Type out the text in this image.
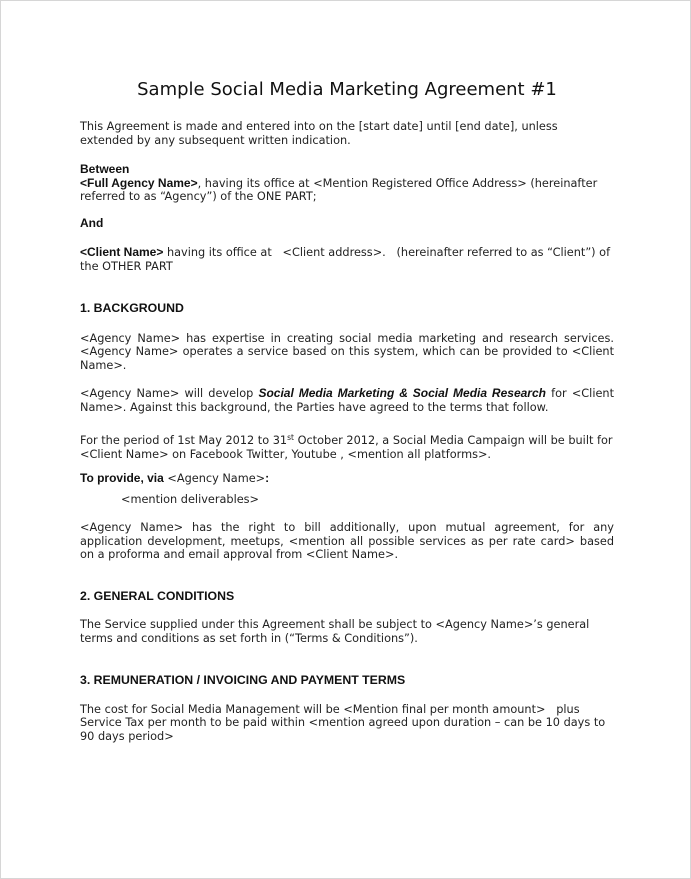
Sample Social Media Marketing Agreement #1

This Agreement is made and entered into on the [start date] until [end date], unless extended by any subsequent written indication.

Between

<Full Agency Name>, having its office at <Mention Registered Office Address> (hereinafter referred to as “Agency”) of the ONE PART;

And

<Client Name> having its office at   <Client address>.   (hereinafter referred to as “Client”) of the OTHER PART

1. BACKGROUND

<Agency Name> has expertise in creating social media marketing and research services. <Agency Name> operates a service based on this system, which can be provided to <Client Name>.

<Agency Name> will develop Social Media Marketing & Social Media Research for <Client Name>. Against this background, the Parties have agreed to the terms that follow.

For the period of 1st May 2012 to 31st October 2012, a Social Media Campaign will be built for <Client Name> on Facebook Twitter, Youtube , <mention all platforms>.

To provide, via <Agency Name>:

<mention deliverables>

<Agency Name> has the right to bill additionally, upon mutual agreement, for any application development, meetups, <mention all possible services as per rate card> based on a proforma and email approval from <Client Name>.

2. GENERAL CONDITIONS

The Service supplied under this Agreement shall be subject to <Agency Name>’s general terms and conditions as set forth in (“Terms & Conditions”).

3. REMUNERATION / INVOICING AND PAYMENT TERMS

The cost for Social Media Management will be <Mention final per month amount>   plus Service Tax per month to be paid within <mention agreed upon duration – can be 10 days to 90 days period>
